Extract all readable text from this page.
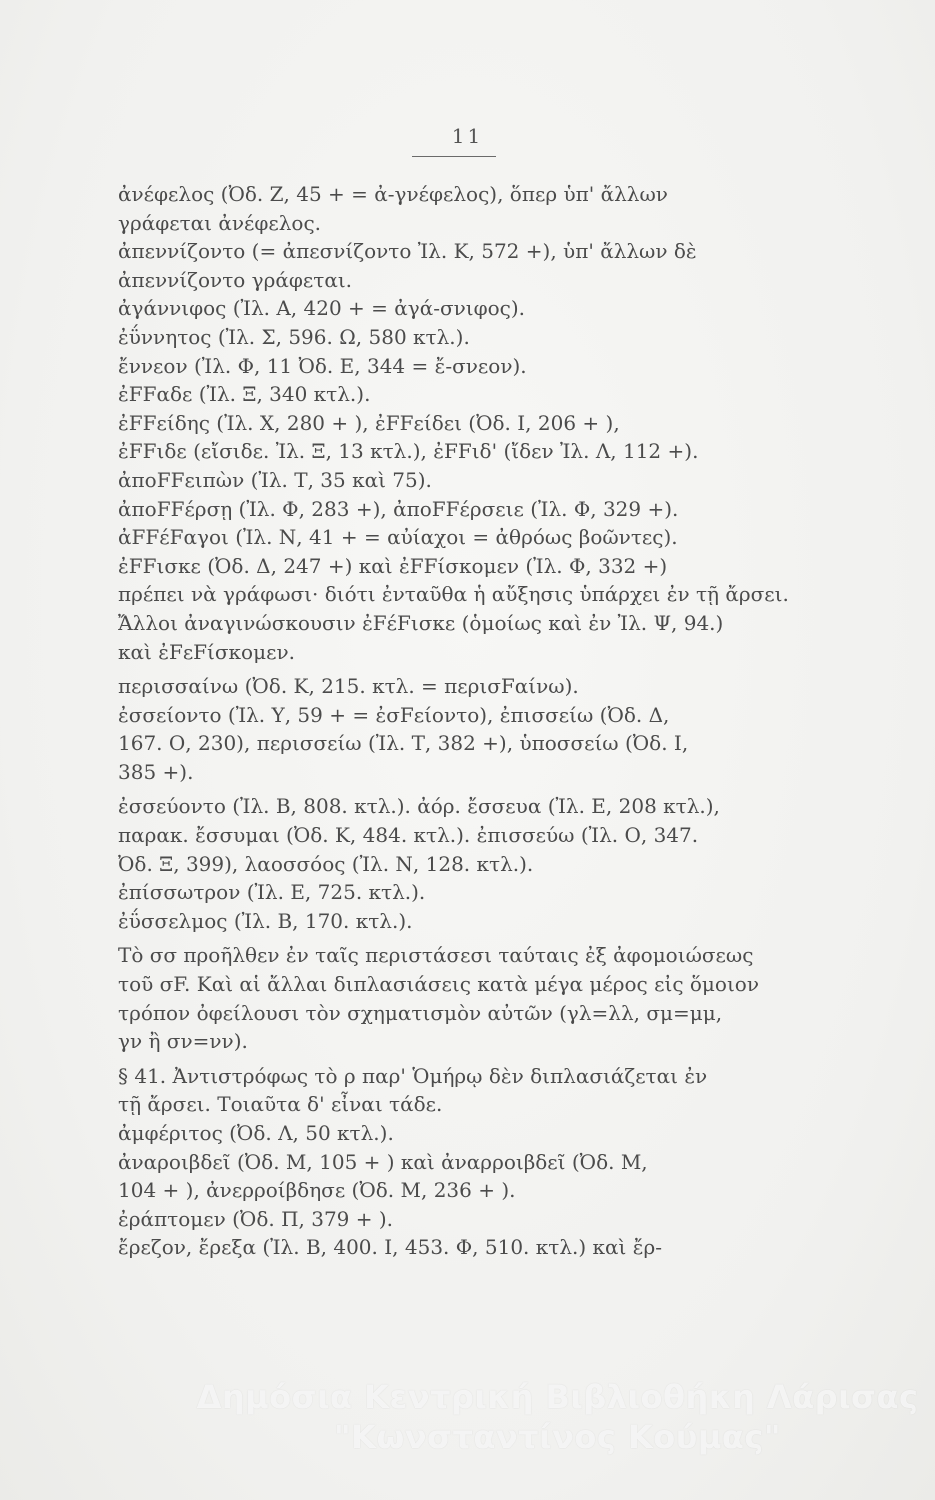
11
ἀνέφελος (Ὀδ. Ζ, 45 + = ἀ-γνέφελος), ὅπερ ὑπ' ἄλλων
γράφεται ἀνέφελος.
ἀπεννίζοντο (= ἀπεσνίζοντο Ἰλ. Κ, 572 +), ὑπ' ἄλλων δὲ
ἀπεννίζοντο γράφεται.
ἀγάννιφος (Ἰλ. Α, 420 + = ἀγά-σνιφος).
ἐΰννητος (Ἰλ. Σ, 596. Ω, 580 κτλ.).
ἔννεον (Ἰλ. Φ, 11 Ὀδ. Ε, 344 = ἔ-σνεον).
ἐFFαδε (Ἰλ. Ξ, 340 κτλ.).
ἐFFείδης (Ἰλ. Χ, 280 + ), ἐFFείδει (Ὀδ. Ι, 206 + ),
ἐFFιδε (εἴσιδε. Ἰλ. Ξ, 13 κτλ.), ἐFFιδ' (ἴδεν Ἰλ. Λ, 112 +).
ἀποFFειπὼν (Ἰλ. Τ, 35 καὶ 75).
ἀποFFέρσῃ (Ἰλ. Φ, 283 +), ἀποFFέρσειε (Ἰλ. Φ, 329 +).
ἀFFέFαγοι (Ἰλ. Ν, 41 + = αὐίαχοι = ἀθρόως βοῶντες).
ἐFFισκε (Ὀδ. Δ, 247 +) καὶ ἐFFίσκομεν (Ἰλ. Φ, 332 +)
πρέπει νὰ γράφωσι· διότι ἐνταῦθα ἡ αὔξησις ὑπάρχει ἐν τῇ ἄρσει.
Ἄλλοι ἀναγινώσκουσιν ἐFέFισκε (ὁμοίως καὶ ἐν Ἰλ. Ψ, 94.)
καὶ ἐFεFίσκομεν.
περισσαίνω (Ὀδ. Κ, 215. κτλ. = περισFαίνω).
ἐσσείοντο (Ἰλ. Υ, 59 + = ἐσFείοντο), ἐπισσείω (Ὀδ. Δ,
167. Ο, 230), περισσείω (Ἰλ. Τ, 382 +), ὑποσσείω (Ὀδ. Ι,
385 +).
ἐσσεύοντο (Ἰλ. Β, 808. κτλ.). ἀόρ. ἔσσευα (Ἰλ. Ε, 208 κτλ.),
παρακ. ἔσσυμαι (Ὀδ. Κ, 484. κτλ.). ἐπισσεύω (Ἰλ. Ο, 347.
Ὀδ. Ξ, 399), λαοσσόος (Ἰλ. Ν, 128. κτλ.).
ἐπίσσωτρον (Ἰλ. Ε, 725. κτλ.).
ἐΰσσελμος (Ἰλ. Β, 170. κτλ.).
Τὸ σσ προῆλθεν ἐν ταῖς περιστάσεσι ταύταις ἐξ ἀφομοιώσεως
τοῦ σF. Καὶ αἱ ἄλλαι διπλασιάσεις κατὰ μέγα μέρος εἰς ὅμοιον
τρόπον ὀφείλουσι τὸν σχηματισμὸν αὐτῶν (γλ=λλ, σμ=μμ,
γν ἢ σν=νν).
§ 41. Ἀντιστρόφως τὸ ρ παρ' Ὁμήρῳ δὲν διπλασιάζεται ἐν
τῇ ἄρσει. Τοιαῦτα δ' εἶναι τάδε.
ἀμφέριτος (Ὀδ. Λ, 50 κτλ.).
ἀναροιβδεῖ (Ὀδ. Μ, 105 + ) καὶ ἀναρροιβδεῖ (Ὀδ. Μ,
104 + ), ἀνερροίβδησε (Ὀδ. Μ, 236 + ).
ἐράπτομεν (Ὀδ. Π, 379 + ).
ἔρεζον, ἔρεξα (Ἰλ. Β, 400. Ι, 453. Φ, 510. κτλ.) καὶ ἔρ-
Δημόσια Κεντρική Βιβλιοθήκη Λάρισας
"Κωνσταντίνος Κούμας"
